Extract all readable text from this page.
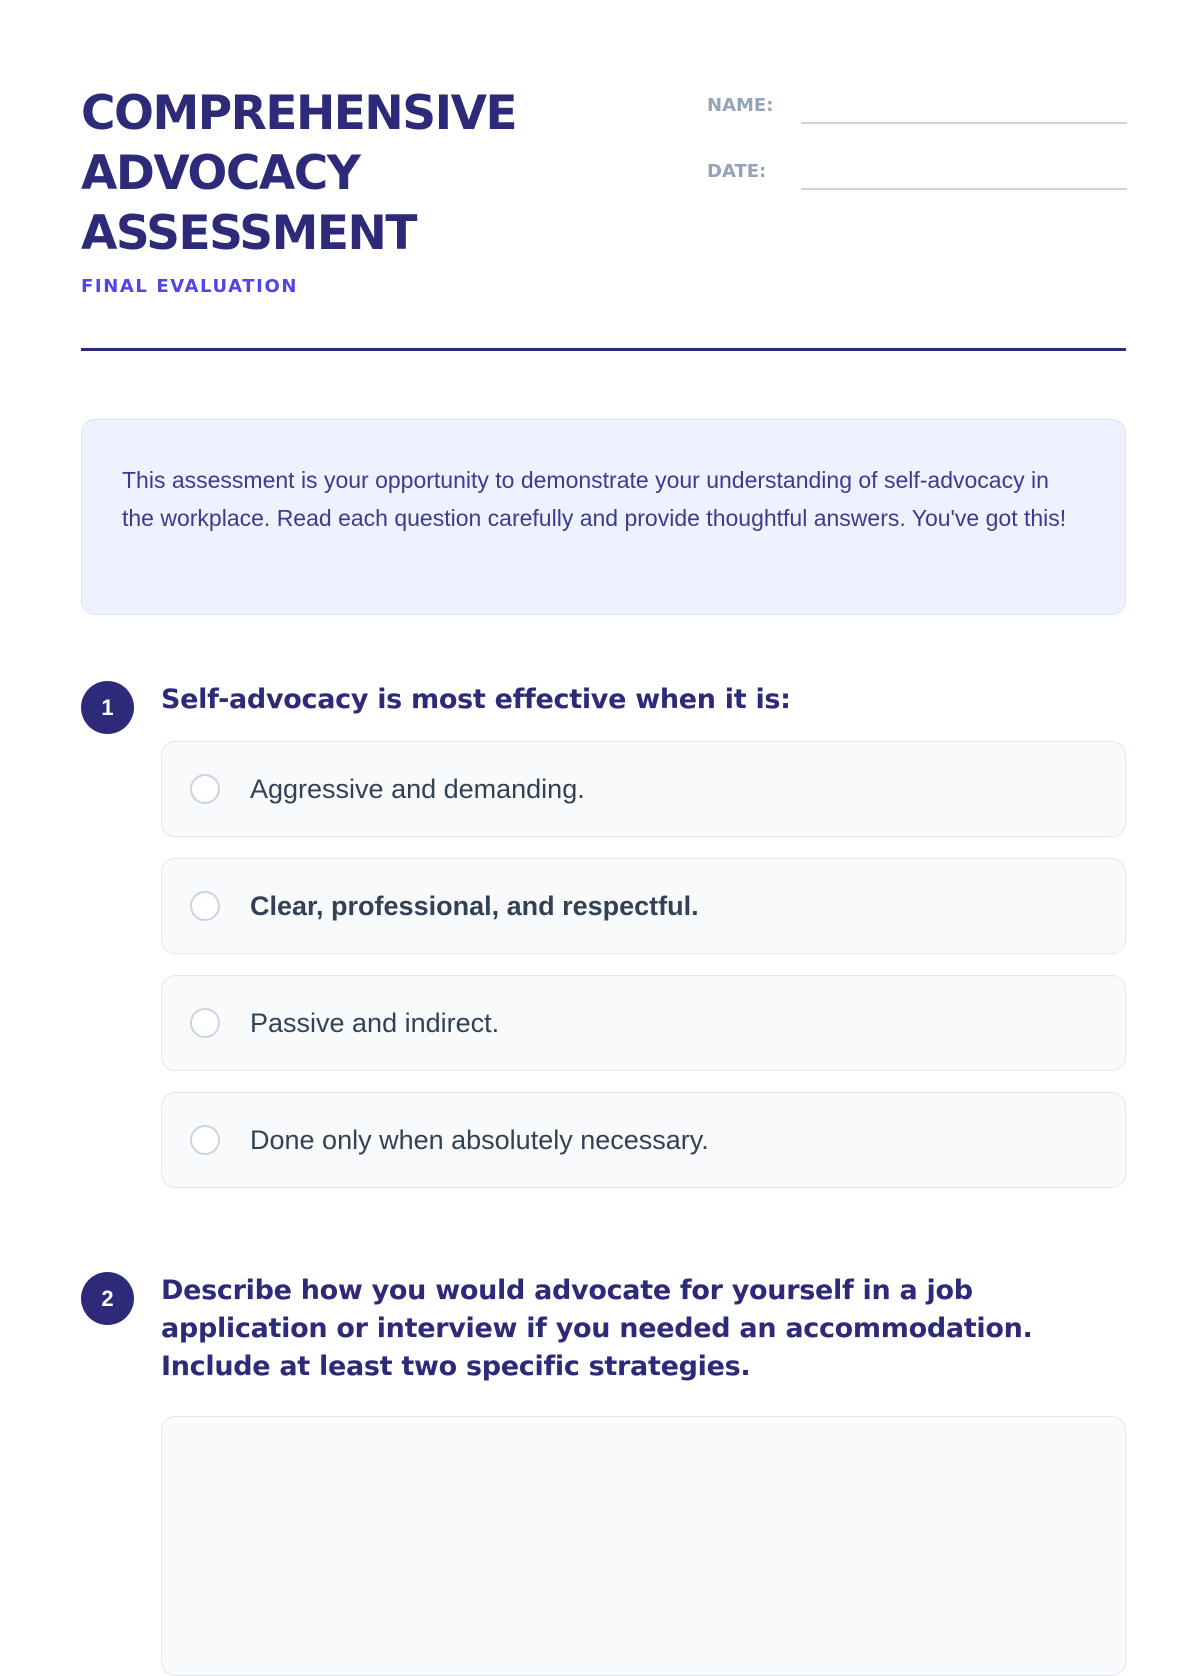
COMPREHENSIVE ADVOCACY ASSESSMENT
FINAL EVALUATION
NAME:
DATE:
This assessment is your opportunity to demonstrate your understanding of self-advocacy in the workplace. Read each question carefully and provide thoughtful answers. You've got this!
1	Self-advocacy is most effective when it is:
Aggressive and demanding.
Clear, professional, and respectful.
Passive and indirect.
Done only when absolutely necessary.
2	Describe how you would advocate for yourself in a job application or interview if you needed an accommodation. Include at least two specific strategies.
